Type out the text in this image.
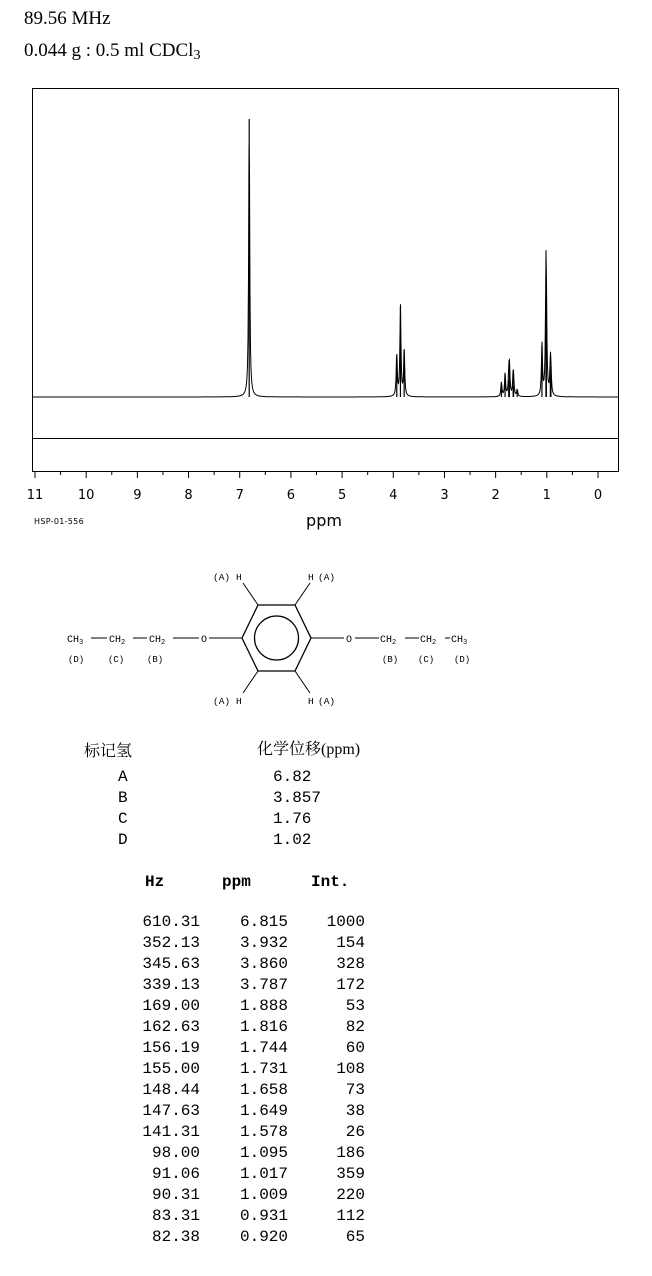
89.56 MHz
0.044 g : 0.5 ml CDCl$_3$
11	10	9	8	7	6	5	4	3	2	1	0
ppm
HSP-01-556
(A) H	H (A)
(A) H	H (A)
O	O
$CH_3$	$CH_2$ $CH_2$	$CH_2$ $CH_2$ $CH_3$
(D)	(C)	(B)	(B) (C) (D)
标记氢	化学位移(ppm)
A	6.82
B	3.857
C	1.76
D	1.02
Hz	ppm	Int.
610.31	6.815	1000
352.13	3.932	154
345.63	3.860	328
339.13	3.787	172
169.00	1.888	53
162.63	1.816	82
156.19	1.744	60
155.00	1.731	108
148.44	1.658	73
147.63	1.649	38
141.31	1.578	26
98.00	1.095	186
91.06	1.017	359
90.31	1.009	220
83.31	0.931	112
82.38	0.920	65
